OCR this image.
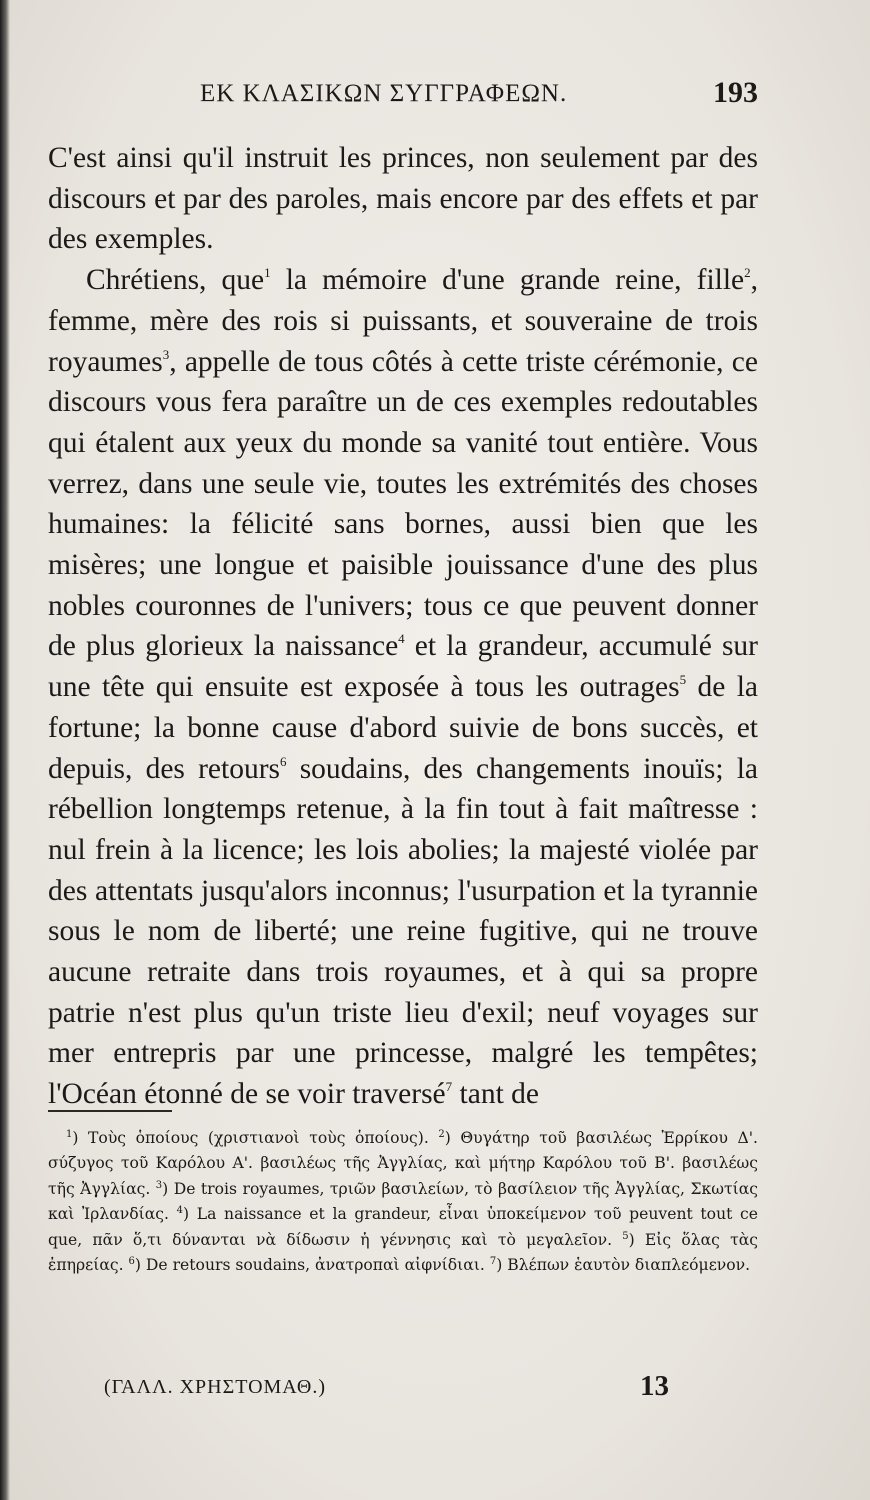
ΕΚ ΚΛΑΣΙΚΩΝ ΣΥΓΓΡΑΦΕΩΝ.	193

C'est ainsi qu'il instruit les princes, non seulement par des discours et par des paroles, mais encore par des effets et par des exemples.

Chrétiens, que$^1$ la mémoire d'une grande reine, fille$^2$, femme, mère des rois si puissants, et souveraine de trois royaumes$^3$, appelle de tous côtés à cette triste cérémonie, ce discours vous fera paraître un de ces exemples redoutables qui étalent aux yeux du monde sa vanité tout entière. Vous verrez, dans une seule vie, toutes les extrémités des choses humaines: la félicité sans bornes, aussi bien que les misères; une longue et paisible jouissance d'une des plus nobles couronnes de l'univers; tous ce que peuvent donner de plus glorieux la naissance$^4$ et la grandeur, accumulé sur une tête qui ensuite est exposée à tous les outrages$^5$ de la fortune; la bonne cause d'abord suivie de bons succès, et depuis, des retours$^6$ soudains, des changements inouïs; la rébellion longtemps retenue, à la fin tout à fait maîtresse : nul frein à la licence; les lois abolies; la majesté violée par des attentats jusqu'alors inconnus; l'usurpation et la tyrannie sous le nom de liberté; une reine fugitive, qui ne trouve aucune retraite dans trois royaumes, et à qui sa propre patrie n'est plus qu'un triste lieu d'exil; neuf voyages sur mer entrepris par une princesse, malgré les tempêtes; l'Océan étonné de se voir traversé$^7$ tant de

$^1$) Τοὺς ὁποίους (χριστιανοὶ τοὺς ὁποίους). $^2$) Θυγάτηρ τοῦ βασιλέως Ἐρρίκου Δ'. σύζυγος τοῦ Καρόλου Α'. βασιλέως τῆς Ἀγγλίας, καὶ μήτηρ Καρόλου τοῦ Β'. βασιλέως τῆς Ἀγγλίας. $^3$) De trois royaumes, τριῶν βασιλείων, τὸ βασίλειον τῆς Ἀγγλίας, Σκωτίας καὶ Ἰρλανδίας. $^4$) La naissance et la grandeur, εἶναι ὑποκείμενον τοῦ peuvent tout ce que, πᾶν ὅ,τι δύνανται νὰ δίδωσιν ἡ γέννησις καὶ τὸ μεγαλεῖον. $^5$) Εἰς ὅλας τὰς ἐπηρείας. $^6$) De retours soudains, ἀνατροπαὶ αἰφνίδιαι. $^7$) Βλέπων ἑαυτὸν διαπλεόμενον.

(ΓΑΛΛ. ΧΡΗΣΤΟΜΑΘ.)	13
